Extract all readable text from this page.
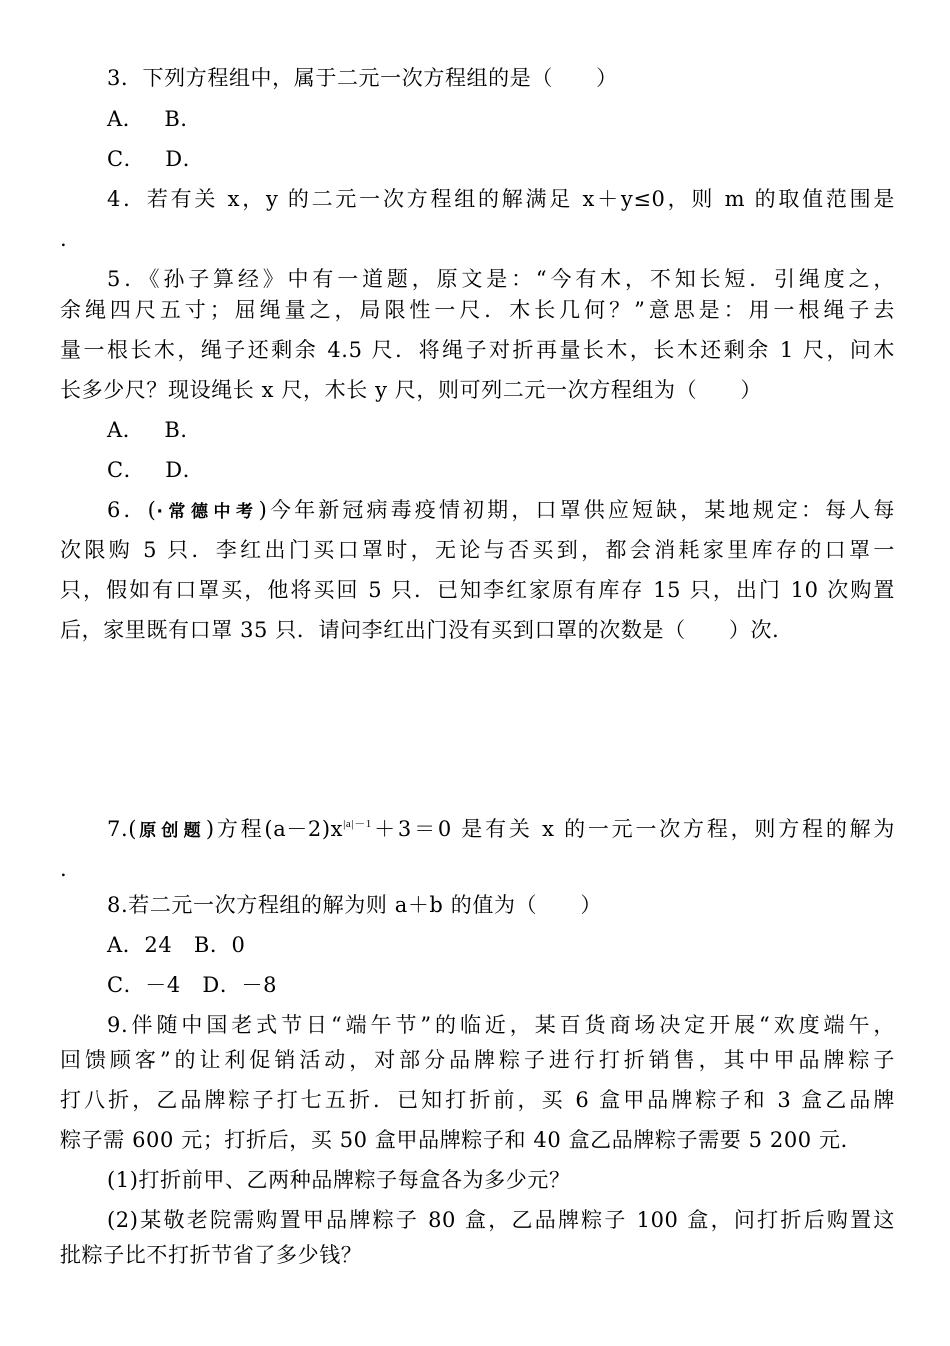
3．下列方程组中，属于二元一次方程组的是（　　）
A． B．
C． D．
4．若有关 x，y 的二元一次方程组的解满足 x＋y≤0，则 m 的取值范围是
.
5．《孙子算经》中有一道题，原文是：“今有木，不知长短．引绳度之，
余绳四尺五寸；屈绳量之，局限性一尺．木长几何？”意思是：用一根绳子去
量一根长木，绳子还剩余 4.5 尺．将绳子对折再量长木，长木还剩余 1 尺，问木
长多少尺？现设绳长 x 尺，木长 y 尺，则可列二元一次方程组为（　　）
A． B．
C． D．
6．(·常德中考)今年新冠病毒疫情初期，口罩供应短缺，某地规定：每人每
次限购 5 只．李红出门买口罩时，无论与否买到，都会消耗家里库存的口罩一
只，假如有口罩买，他将买回 5 只．已知李红家原有库存 15 只，出门 10 次购置
后，家里既有口罩 35 只．请问李红出门没有买到口罩的次数是（　　）次．
7.(原创题)方程$(a-2)x^{|a|-1}+3=0$ 是有关 x 的一元一次方程，则方程的解为
.
8.若二元一次方程组的解为则 a＋b 的值为（　　）
A．24　B．0
C．－4　D．－8
9.伴随中国老式节日“端午节”的临近，某百货商场决定开展“欢度端午，
回馈顾客”的让利促销活动，对部分品牌粽子进行打折销售，其中甲品牌粽子
打八折，乙品牌粽子打七五折．已知打折前，买 6 盒甲品牌粽子和 3 盒乙品牌
粽子需 600 元；打折后，买 50 盒甲品牌粽子和 40 盒乙品牌粽子需要 5 200 元．
(1)打折前甲、乙两种品牌粽子每盒各为多少元？
(2)某敬老院需购置甲品牌粽子 80 盒，乙品牌粽子 100 盒，问打折后购置这
批粽子比不打折节省了多少钱？
